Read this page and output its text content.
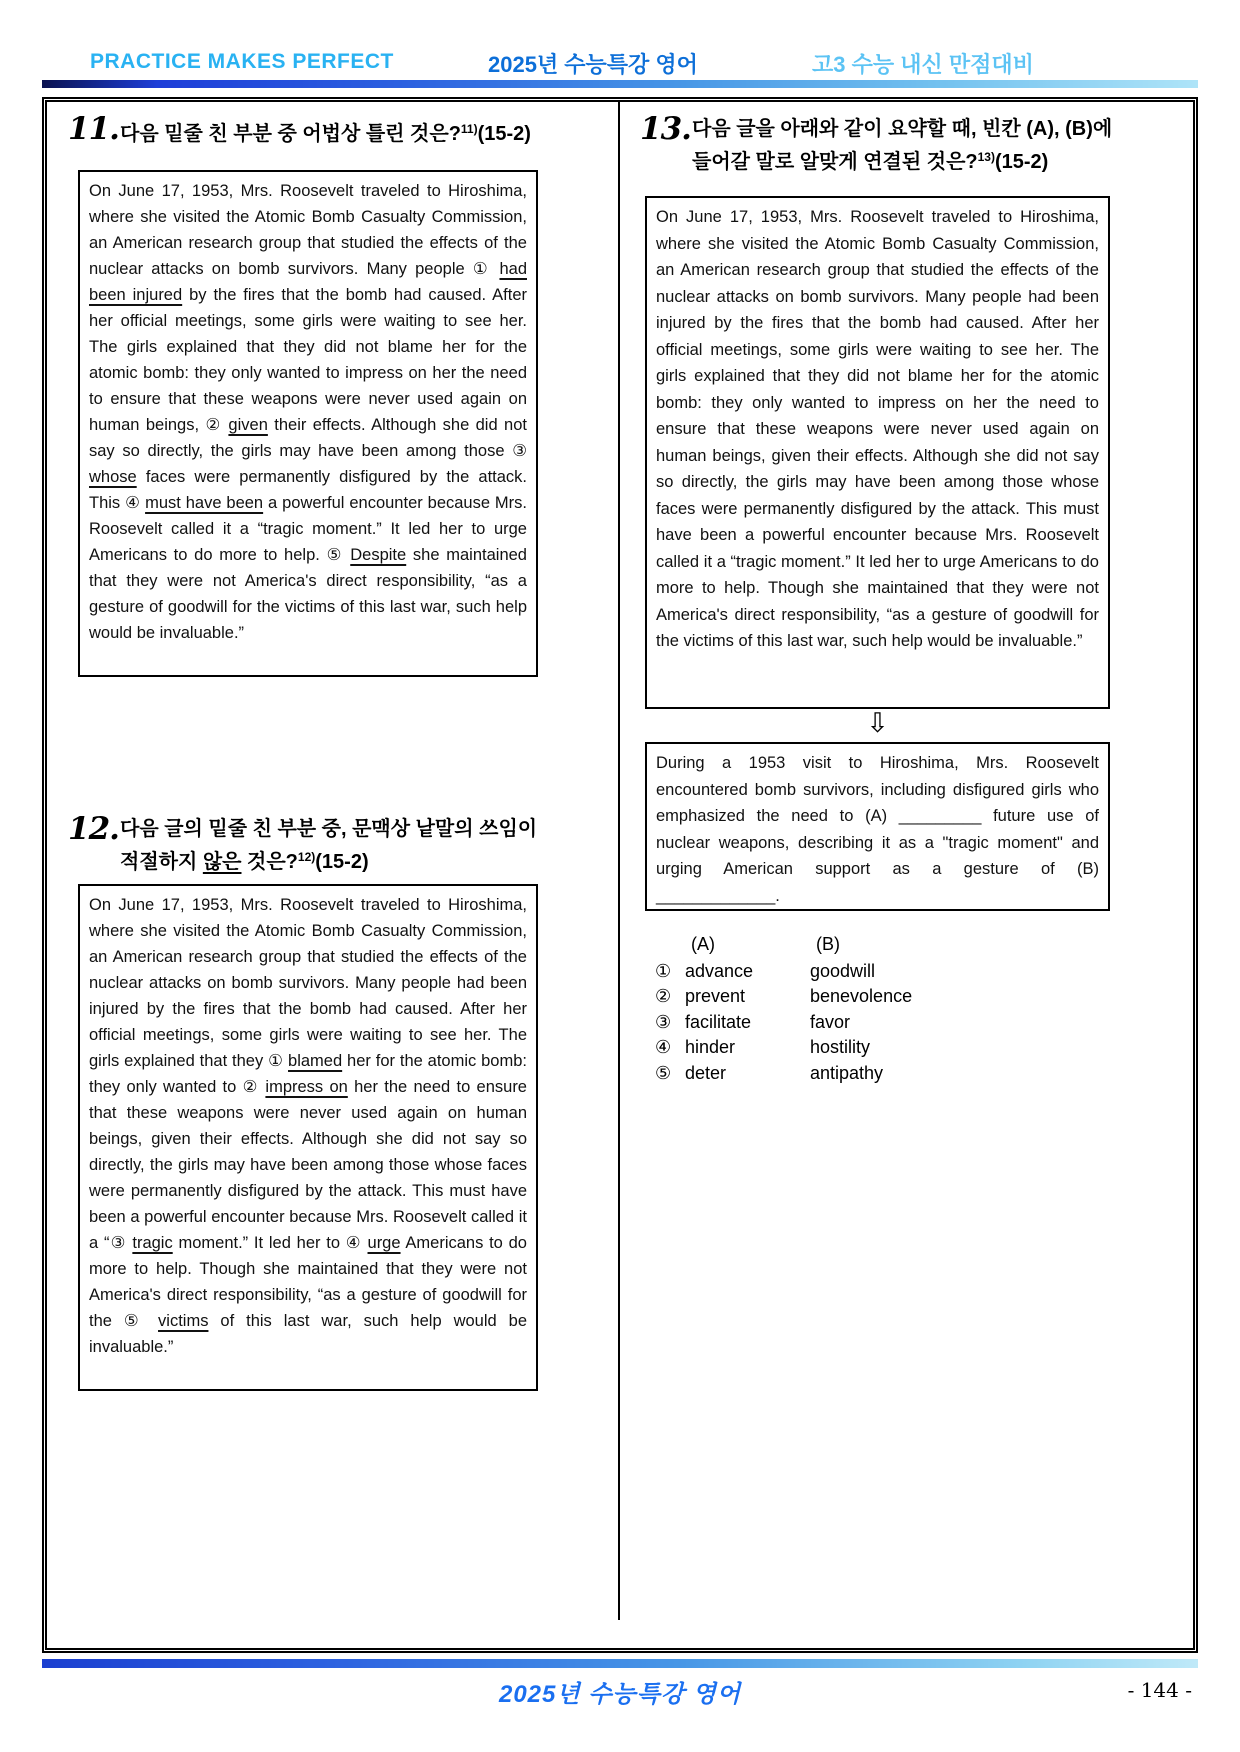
PRACTICE MAKES PERFECT	2025년 수능특강 영어	고3 수능 내신 만점대비
11. 다음 밑줄 친 부분 중 어법상 틀린 것은?$^{11)}$(15-2)
On June 17, 1953, Mrs. Roosevelt traveled to Hiroshima, where she visited the Atomic Bomb Casualty Commission, an American research group that studied the effects of the nuclear attacks on bomb survivors. Many people ① had been injured by the fires that the bomb had caused. After her official meetings, some girls were waiting to see her. The girls explained that they did not blame her for the atomic bomb: they only wanted to impress on her the need to ensure that these weapons were never used again on human beings, ② given their effects. Although she did not say so directly, the girls may have been among those ③ whose faces were permanently disfigured by the attack. This ④ must have been a powerful encounter because Mrs. Roosevelt called it a “tragic moment.” It led her to urge Americans to do more to help. ⑤ Despite she maintained that they were not America's direct responsibility, “as a gesture of goodwill for the victims of this last war, such help would be invaluable.”
12. 다음 글의 밑줄 친 부분 중, 문맥상 낱말의 쓰임이 적절하지 않은 것은?$^{12)}$(15-2)
On June 17, 1953, Mrs. Roosevelt traveled to Hiroshima, where she visited the Atomic Bomb Casualty Commission, an American research group that studied the effects of the nuclear attacks on bomb survivors. Many people had been injured by the fires that the bomb had caused. After her official meetings, some girls were waiting to see her. The girls explained that they ① blamed her for the atomic bomb: they only wanted to ② impress on her the need to ensure that these weapons were never used again on human beings, given their effects. Although she did not say so directly, the girls may have been among those whose faces were permanently disfigured by the attack. This must have been a powerful encounter because Mrs. Roosevelt called it a “③ tragic moment.” It led her to ④ urge Americans to do more to help. Though she maintained that they were not America's direct responsibility, “as a gesture of goodwill for the ⑤ victims of this last war, such help would be invaluable.”
13. 다음 글을 아래와 같이 요약할 때, 빈칸 (A), (B)에 들어갈 말로 알맞게 연결된 것은?$^{13)}$(15-2)
On June 17, 1953, Mrs. Roosevelt traveled to Hiroshima, where she visited the Atomic Bomb Casualty Commission, an American research group that studied the effects of the nuclear attacks on bomb survivors. Many people had been injured by the fires that the bomb had caused. After her official meetings, some girls were waiting to see her. The girls explained that they did not blame her for the atomic bomb: they only wanted to impress on her the need to ensure that these weapons were never used again on human beings, given their effects. Although she did not say so directly, the girls may have been among those whose faces were permanently disfigured by the attack. This must have been a powerful encounter because Mrs. Roosevelt called it a “tragic moment.” It led her to urge Americans to do more to help. Though she maintained that they were not America's direct responsibility, “as a gesture of goodwill for the victims of this last war, such help would be invaluable.”
⇩
During a 1953 visit to Hiroshima, Mrs. Roosevelt encountered bomb survivors, including disfigured girls who emphasized the need to (A) _________ future use of nuclear weapons, describing it as a "tragic moment" and urging American support as a gesture of (B) _____________.
(A)	(B)
① advance	goodwill
② prevent	benevolence
③ facilitate	favor
④ hinder	hostility
⑤ deter	antipathy
2025년 수능특강 영어	- 144 -
